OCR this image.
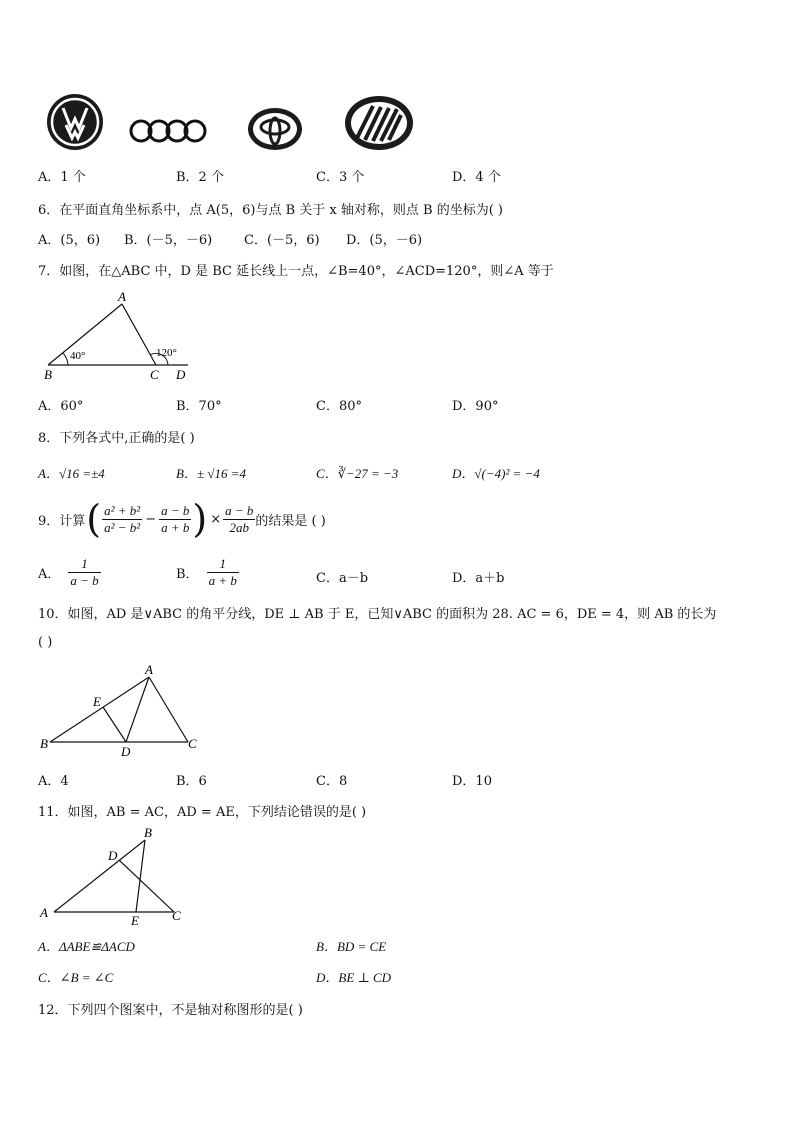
A．1 个	B．2 个	C．3 个	D．4 个
6．在平面直角坐标系中，点 A(5，6)与点 B 关于 x 轴对称，则点 B 的坐标为( )
A．(5，6) B．(－5，－6) C．(－5，6) D．(5，－6)
7．如图，在△ABC 中，D 是 BC 延长线上一点，∠B=40°，∠ACD=120°，则∠A 等于
A
B	C D
40°	120°
A．60°	B．70°	C．80°	D．90°
8．下列各式中,正确的是( )
A．√16 =±4	B．± √16 =4	C．∛−27 = −3	D．√(−4)² = −4
9．计算 ( $\frac{\text{a² + b²}}{\text{a² − b²}} - \frac{a - b}{a + b}$ ) × $\frac{a - b}{2ab}$ 的结果是 ( )
A． $\frac{1}{a - b}$	B． $\frac{1}{a + b}$	C．a－b	D．a＋b
10．如图，AD 是∨ABC 的角平分线，DE ⊥ AB 于 E，已知∨ABC 的面积为 28. AC = 6，DE = 4，则 AB 的长为
( )
A
B	C
D
E
A．4	B．6	C．8	D．10
11．如图，AB = AC，AD = AE，下列结论错误的是( )
B
D
A
E	C
A．ΔABE≌ΔACD	B．BD = CE
C．∠B = ∠C	D．BE ⊥ CD
12．下列四个图案中，不是轴对称图形的是( )
